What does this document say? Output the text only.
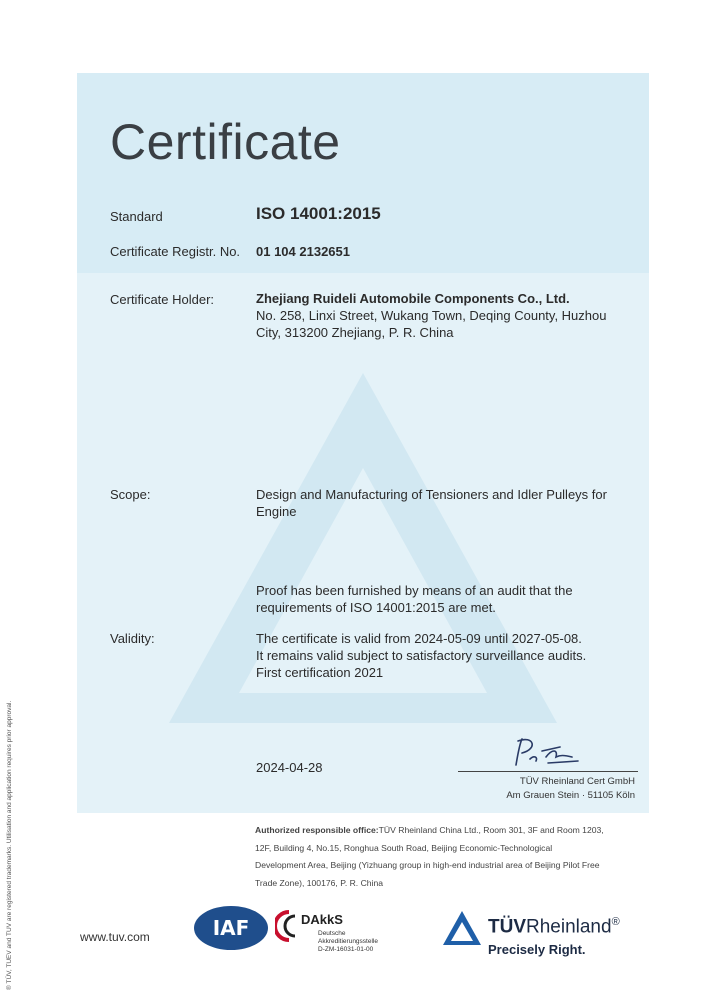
Certificate
Standard	ISO 14001:2015
Certificate Registr. No. 01 104 2132651
Certificate Holder:	Zhejiang Ruideli Automobile Components Co., Ltd.
No. 258, Linxi Street, Wukang Town, Deqing County, Huzhou
City, 313200 Zhejiang, P. R. China
Scope:	Design and Manufacturing of Tensioners and Idler Pulleys for
Engine
Proof has been furnished by means of an audit that the
requirements of ISO 14001:2015 are met.
Validity:	The certificate is valid from 2024-05-09 until 2027-05-08.
It remains valid subject to satisfactory surveillance audits.
First certification 2021
2024-04-28
TÜV Rheinland Cert GmbH
Am Grauen Stein · 51105 Köln
Authorized responsible office:TÜV Rheinland China Ltd., Room 301, 3F and Room 1203,
12F, Building 4, No.15, Ronghua South Road, Beijing Economic-Technological
Development Area, Beijing (Yizhuang group in high-end industrial area of Beijing Pilot Free
Trade Zone), 100176, P. R. China
® TÜV, TUEV and TUV are registered trademarks. Utilisation and application requires prior approval.	www.tuv.com	IAF	DAkkS
Deutsche
Akkreditierungsstelle
D-ZM-16031-01-00
TÜVRheinland®
Precisely Right.
